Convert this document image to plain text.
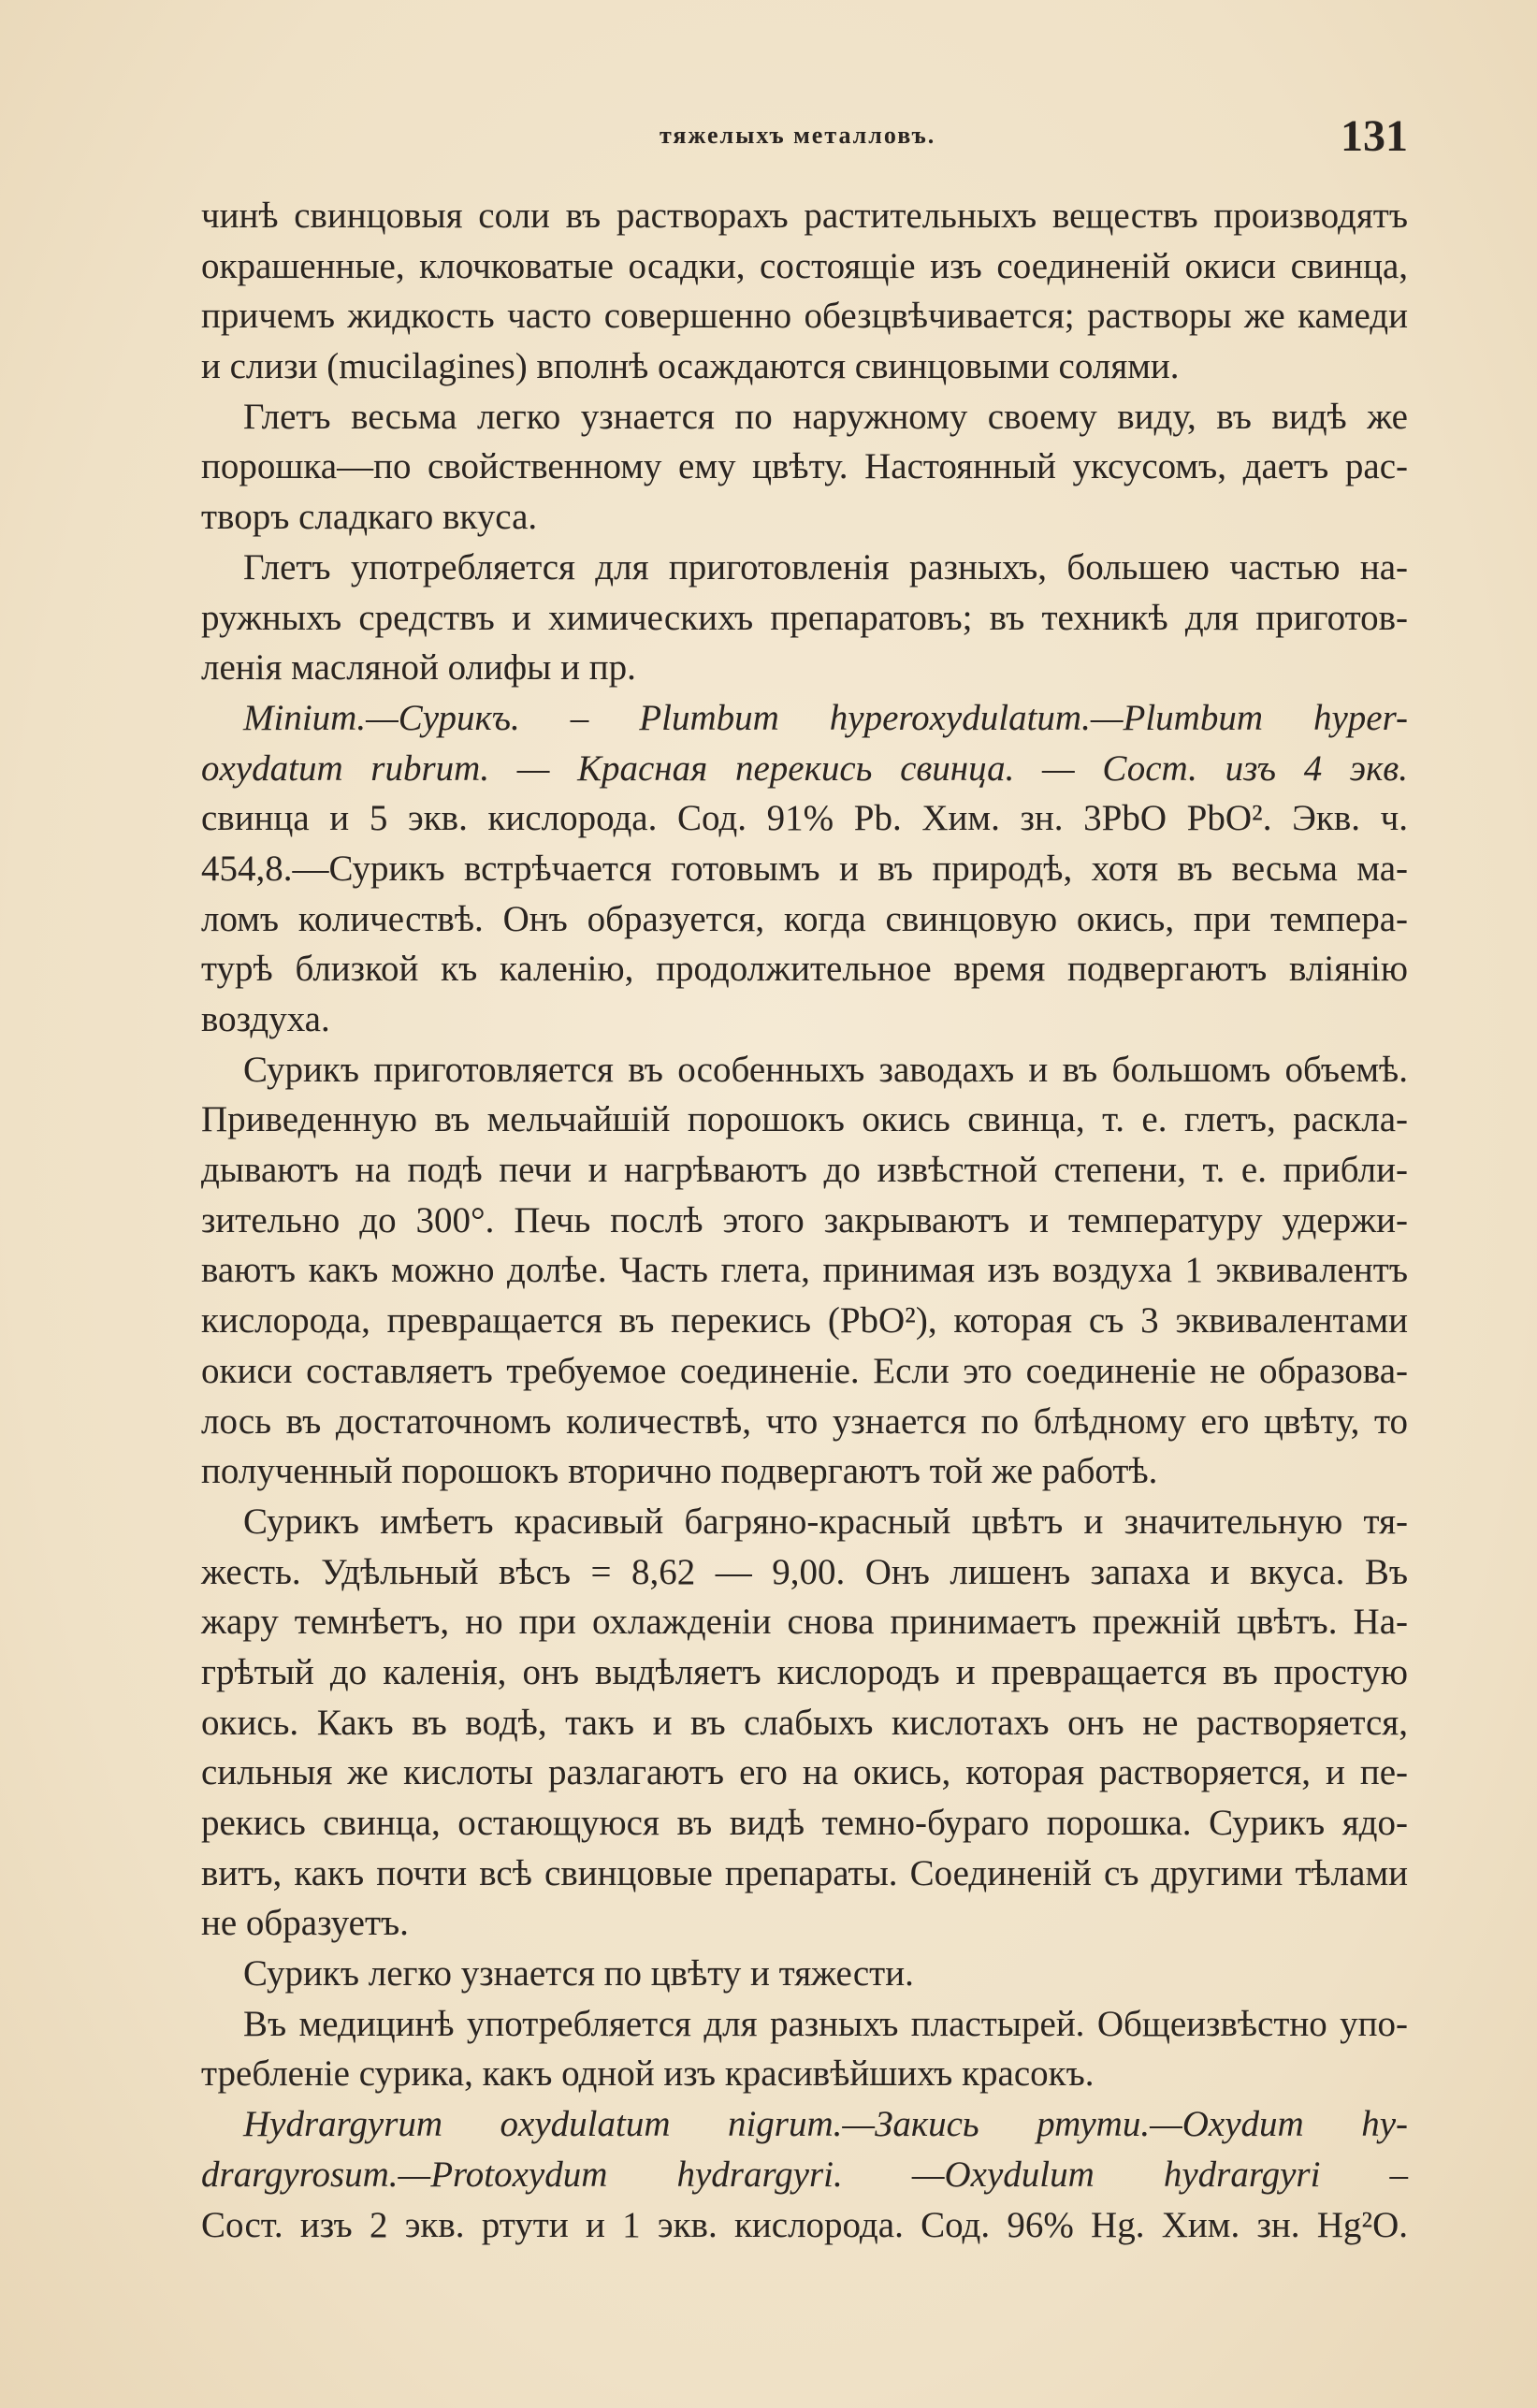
тяжелыхъ металловъ.	131
чинѣ свинцовыя соли въ растворахъ растительныхъ веществъ производятъ
окрашенные, клочковатые осадки, состоящіе изъ соединеній окиси свинца,
причемъ жидкость часто совершенно обезцвѣчивается; растворы же камеди
и слизи (mucilagines) вполнѣ осаждаются свинцовыми солями.
Глетъ весьма легко узнается по наружному своему виду, въ видѣ же
порошка—по свойственному ему цвѣту. Настоянный уксусомъ, даетъ рас-
творъ сладкаго вкуса.
Глетъ употребляется для приготовленія разныхъ, большею частью на-
ружныхъ средствъ и химическихъ препаратовъ; въ техникѣ для приготов-
ленія масляной олифы и пр.
Minium.—Сурикъ. – Plumbum hyperoxydulatum.—Plumbum hyper-
oxydatum rubrum. — Красная перекись свинца. — Сост. изъ 4 экв.
свинца и 5 экв. кислорода. Сод. 91% Pb. Хим. зн. 3PbO PbO². Экв. ч.
454,8.—Сурикъ встрѣчается готовымъ и въ природѣ, хотя въ весьма ма-
ломъ количествѣ. Онъ образуется, когда свинцовую окись, при темпера-
турѣ близкой къ каленію, продолжительное время подвергаютъ вліянію
воздуха.
Сурикъ приготовляется въ особенныхъ заводахъ и въ большомъ объемѣ.
Приведенную въ мельчайшій порошокъ окись свинца, т. е. глетъ, раскла-
дываютъ на подѣ печи и нагрѣваютъ до извѣстной степени, т. е. прибли-
зительно до 300°. Печь послѣ этого закрываютъ и температуру удержи-
ваютъ какъ можно долѣе. Часть глета, принимая изъ воздуха 1 эквивалентъ
кислорода, превращается въ перекись (PbO²), которая съ 3 эквивалентами
окиси составляетъ требуемое соединеніе. Если это соединеніе не образова-
лось въ достаточномъ количествѣ, что узнается по блѣдному его цвѣту, то
полученный порошокъ вторично подвергаютъ той же работѣ.
Сурикъ имѣетъ красивый багряно-красный цвѣтъ и значительную тя-
жесть. Удѣльный вѣсъ = 8,62 — 9,00. Онъ лишенъ запаха и вкуса. Въ
жару темнѣетъ, но при охлажденіи снова принимаетъ прежній цвѣтъ. На-
грѣтый до каленія, онъ выдѣляетъ кислородъ и превращается въ простую
окись. Какъ въ водѣ, такъ и въ слабыхъ кислотахъ онъ не растворяется,
сильныя же кислоты разлагаютъ его на окись, которая растворяется, и пе-
рекись свинца, остающуюся въ видѣ темно-бураго порошка. Сурикъ ядо-
витъ, какъ почти всѣ свинцовые препараты. Соединеній съ другими тѣлами
не образуетъ.
Сурикъ легко узнается по цвѣту и тяжести.
Въ медицинѣ употребляется для разныхъ пластырей. Общеизвѣстно упо-
требленіе сурика, какъ одной изъ красивѣйшихъ красокъ.
Hydrargyrum oxydulatum nigrum.—Закись ртути.—Oxydum hy-
drargyrosum.—Protoxydum hydrargyri. —Oxydulum hydrargyri –
Сост. изъ 2 экв. ртути и 1 экв. кислорода. Сод. 96% Hg. Хим. зн. Hg²O.
